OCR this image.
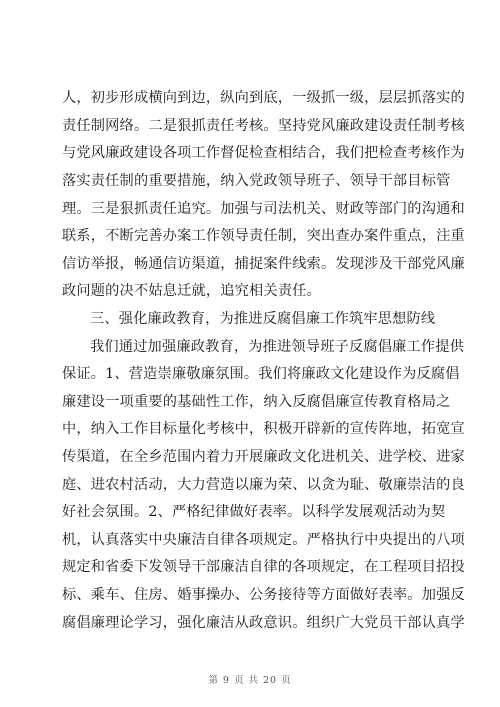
人，初步形成横向到边，纵向到底，一级抓一级，层层抓落实的
责任制网络。二是狠抓责任考核。坚持党风廉政建设责任制考核
与党风廉政建设各项工作督促检查相结合，我们把检查考核作为
落实责任制的重要措施，纳入党政领导班子、领导干部目标管
理。三是狠抓责任追究。加强与司法机关、财政等部门的沟通和
联系，不断完善办案工作领导责任制，突出查办案件重点，注重
信访举报，畅通信访渠道，捕捉案件线索。发现涉及干部党风廉
政问题的决不姑息迁就，追究相关责任。
三、强化廉政教育，为推进反腐倡廉工作筑牢思想防线
我们通过加强廉政教育，为推进领导班子反腐倡廉工作提供
保证。1、营造崇廉敬廉氛围。我们将廉政文化建设作为反腐倡
廉建设一项重要的基础性工作，纳入反腐倡廉宣传教育格局之
中，纳入工作目标量化考核中，积极开辟新的宣传阵地，拓宽宣
传渠道，在全乡范围内着力开展廉政文化进机关、进学校、进家
庭、进农村活动，大力营造以廉为荣、以贪为耻、敬廉崇洁的良
好社会氛围。2、严格纪律做好表率。以科学发展观活动为契
机，认真落实中央廉洁自律各项规定。严格执行中央提出的八项
规定和省委下发领导干部廉洁自律的各项规定，在工程项目招投
标、乘车、住房、婚事操办、公务接待等方面做好表率。加强反
腐倡廉理论学习，强化廉洁从政意识。组织广大党员干部认真学
第 9 页 共 20 页
